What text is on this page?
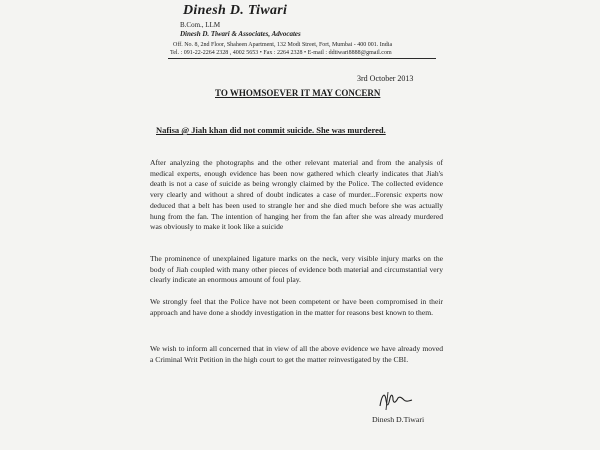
Dinesh D. Tiwari
B.Com., LLM
Dinesh D. Tiwari & Associates, Advocates
Off. No. 8, 2nd Floor, Shaheen Apartment, 132 Modi Street, Fort, Mumbai - 400 001. India
Tel. : 091-22-2264 2328 , 4002 5653 • Fax : 2264 2328 • E-mail : ddtiwari8888@gmail.com
3rd October 2013
TO WHOMSOEVER IT MAY CONCERN
Nafisa @ Jiah khan did not commit suicide. She was murdered.
After analyzing the photographs and the other relevant material and from the analysis of medical experts, enough evidence has been now gathered which clearly indicates that Jiah's death is not a case of suicide as being wrongly claimed by the Police. The collected evidence very clearly and without a shred of doubt indicates a case of murder...Forensic experts now deduced that a belt has been used to strangle her and she died much before she was actually hung from the fan. The intention of hanging her from the fan after she was already murdered was obviously to make it look like a suicide
The prominence of unexplained ligature marks on the neck, very visible injury marks on the body of Jiah coupled with many other pieces of evidence both material and circumstantial very clearly indicate an enormous amount of foul play.
We strongly feel that the Police have not been competent or have been compromised in their approach and have done a shoddy investigation in the matter for reasons best known to them.
We wish to inform all concerned that in view of all the above evidence we have already moved a Criminal Writ Petition in the high court to get the matter reinvestigated by the CBI.
Dinesh D.Tiwari
